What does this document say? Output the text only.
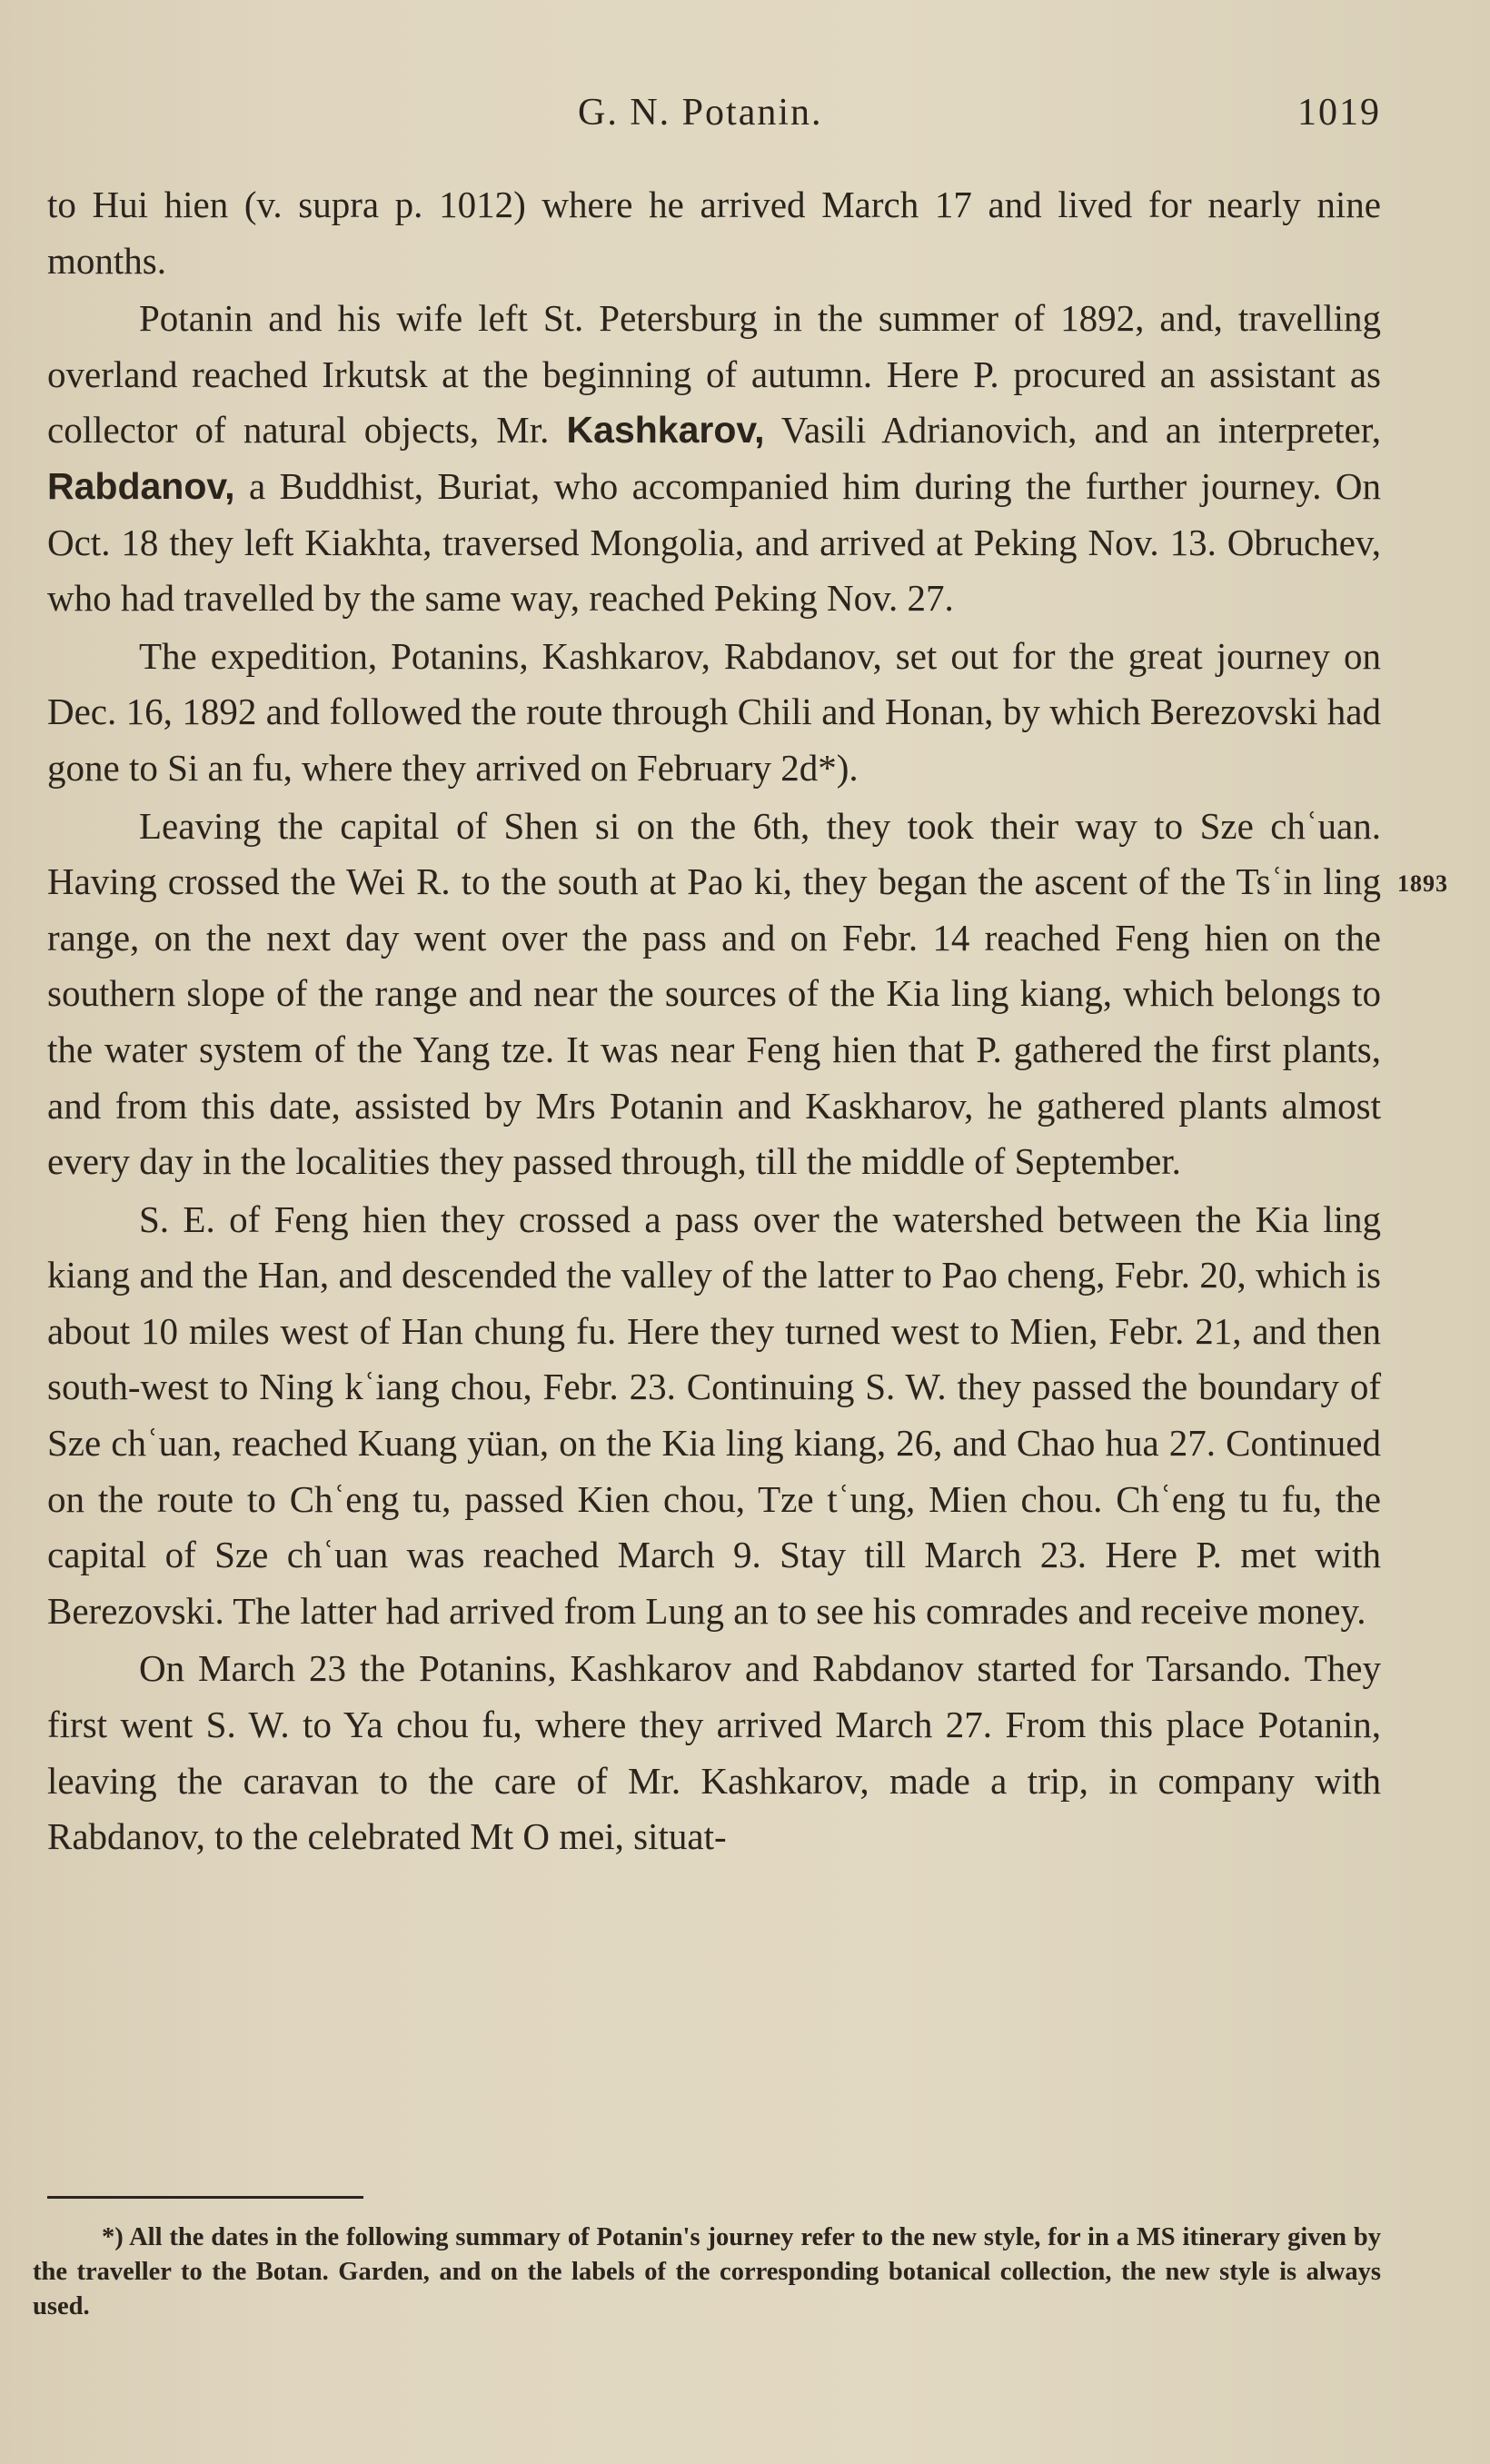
G. N. Potanin.	1019
1893

to Hui hien (v. supra p. 1012) where he arrived March 17 and lived for nearly nine months.

Potanin and his wife left St. Petersburg in the summer of 1892, and, travelling overland reached Irkutsk at the beginning of autumn. Here P. procured an assistant as collector of natural objects, Mr. Kashkarov, Vasili Adrianovich, and an interpreter, Rabdanov, a Buddhist, Buriat, who accompanied him during the further journey. On Oct. 18 they left Kiakhta, traversed Mongolia, and arrived at Peking Nov. 13. Obruchev, who had travelled by the same way, reached Peking Nov. 27.

The expedition, Potanins, Kashkarov, Rabdanov, set out for the great journey on Dec. 16, 1892 and followed the route through Chili and Honan, by which Berezovski had gone to Si an fu, where they arrived on February 2d*).

Leaving the capital of Shen si on the 6th, they took their way to Sze chʿuan. Having crossed the Wei R. to the south at Pao ki, they began the ascent of the Tsʿin ling range, on the next day went over the pass and on Febr. 14 reached Feng hien on the southern slope of the range and near the sources of the Kia ling kiang, which belongs to the water system of the Yang tze. It was near Feng hien that P. gathered the first plants, and from this date, assisted by Mrs Potanin and Kaskharov, he gathered plants almost every day in the localities they passed through, till the middle of September.

S. E. of Feng hien they crossed a pass over the watershed between the Kia ling kiang and the Han, and descended the valley of the latter to Pao cheng, Febr. 20, which is about 10 miles west of Han chung fu. Here they turned west to Mien, Febr. 21, and then south-west to Ning kʿiang chou, Febr. 23. Continuing S. W. they passed the boundary of Sze chʿuan, reached Kuang yüan, on the Kia ling kiang, 26, and Chao hua 27. Continued on the route to Chʿeng tu, passed Kien chou, Tze tʿung, Mien chou. Chʿeng tu fu, the capital of Sze chʿuan was reached March 9. Stay till March 23. Here P. met with Berezovski. The latter had arrived from Lung an to see his comrades and receive money.

On March 23 the Potanins, Kashkarov and Rabdanov started for Tarsando. They first went S. W. to Ya chou fu, where they arrived March 27. From this place Potanin, leaving the caravan to the care of Mr. Kashkarov, made a trip, in company with Rabdanov, to the celebrated Mt O mei, situat-

*) All the dates in the following summary of Potanin's journey refer to the new style, for in a MS itinerary given by the traveller to the Botan. Garden, and on the labels of the corresponding botanical collection, the new style is always used.
